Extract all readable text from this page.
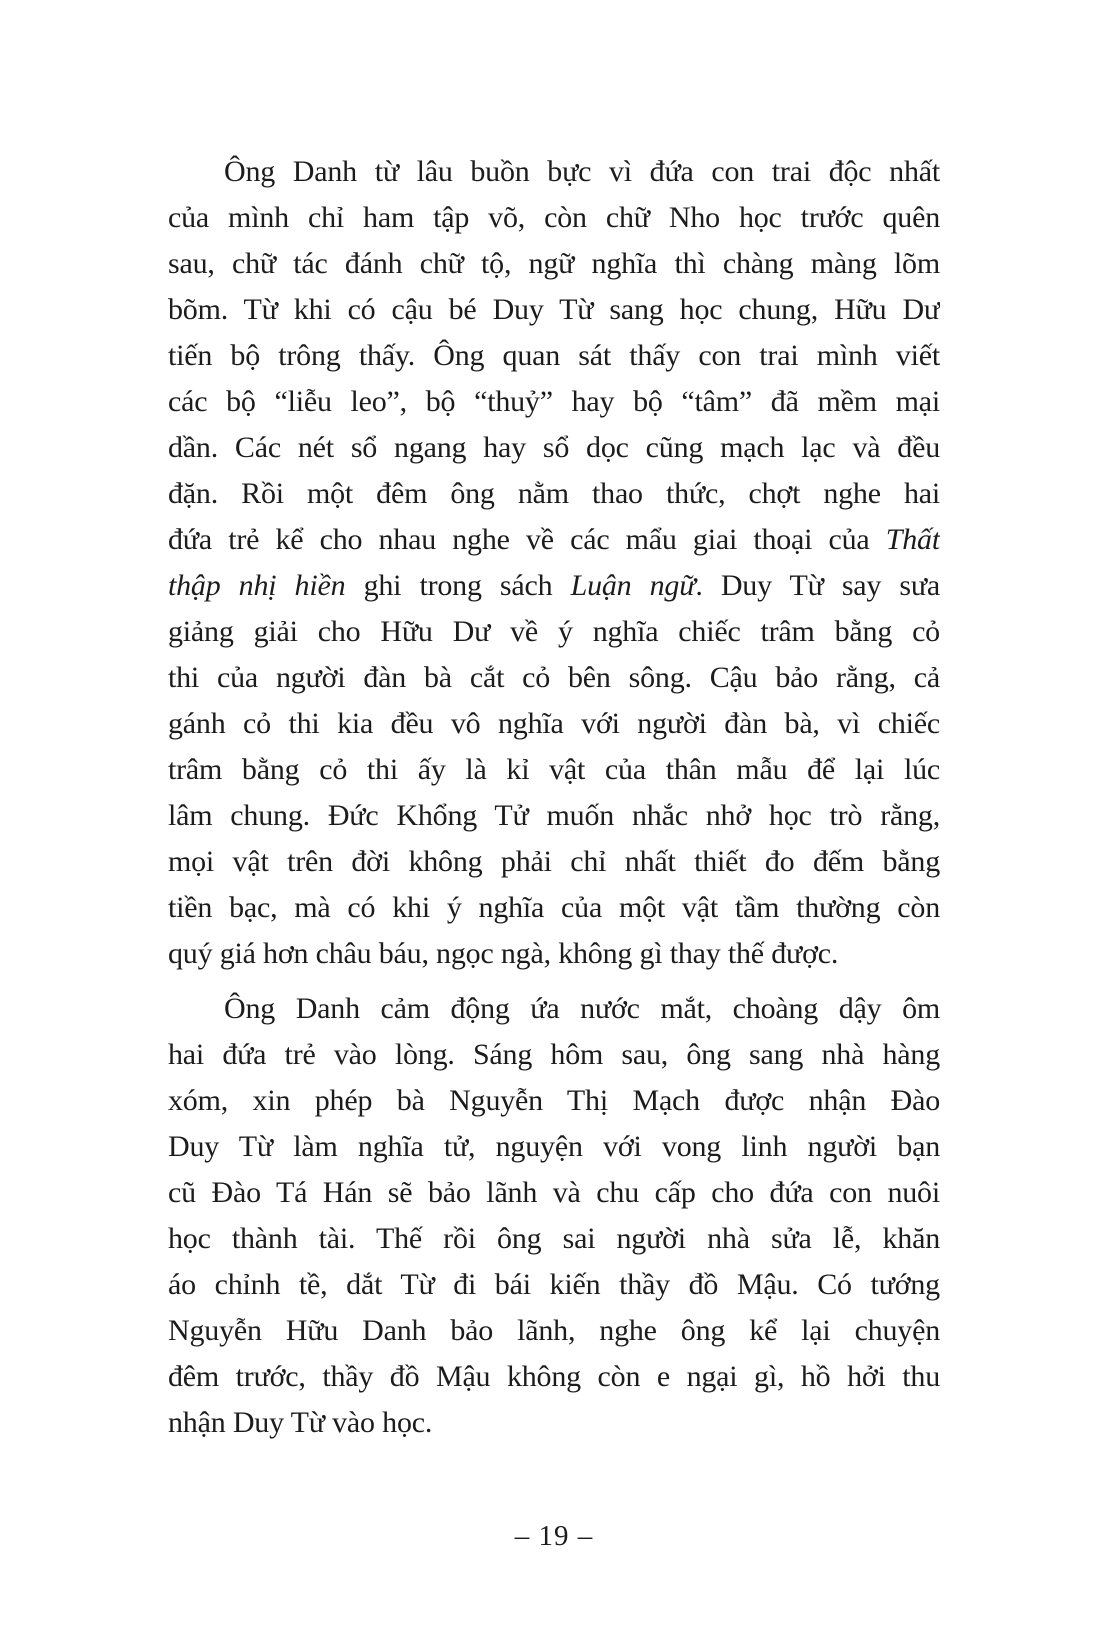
Ông Danh từ lâu buồn bực vì đứa con trai độc nhất
của mình chỉ ham tập võ, còn chữ Nho học trước quên
sau, chữ tác đánh chữ tộ, ngữ nghĩa thì chàng màng lõm
bõm. Từ khi có cậu bé Duy Từ sang học chung, Hữu Dư
tiến bộ trông thấy. Ông quan sát thấy con trai mình viết
các bộ “liễu leo”, bộ “thuỷ” hay bộ “tâm” đã mềm mại
dần. Các nét sổ ngang hay sổ dọc cũng mạch lạc và đều
đặn. Rồi một đêm ông nằm thao thức, chợt nghe hai
đứa trẻ kể cho nhau nghe về các mẩu giai thoại của Thất
thập nhị hiền ghi trong sách Luận ngữ. Duy Từ say sưa
giảng giải cho Hữu Dư về ý nghĩa chiếc trâm bằng cỏ
thi của người đàn bà cắt cỏ bên sông. Cậu bảo rằng, cả
gánh cỏ thi kia đều vô nghĩa với người đàn bà, vì chiếc
trâm bằng cỏ thi ấy là kỉ vật của thân mẫu để lại lúc
lâm chung. Đức Khổng Tử muốn nhắc nhở học trò rằng,
mọi vật trên đời không phải chỉ nhất thiết đo đếm bằng
tiền bạc, mà có khi ý nghĩa của một vật tầm thường còn
quý giá hơn châu báu, ngọc ngà, không gì thay thế được.
Ông Danh cảm động ứa nước mắt, choàng dậy ôm
hai đứa trẻ vào lòng. Sáng hôm sau, ông sang nhà hàng
xóm, xin phép bà Nguyễn Thị Mạch được nhận Đào
Duy Từ làm nghĩa tử, nguyện với vong linh người bạn
cũ Đào Tá Hán sẽ bảo lãnh và chu cấp cho đứa con nuôi
học thành tài. Thế rồi ông sai người nhà sửa lễ, khăn
áo chỉnh tề, dắt Từ đi bái kiến thầy đồ Mậu. Có tướng
Nguyễn Hữu Danh bảo lãnh, nghe ông kể lại chuyện
đêm trước, thầy đồ Mậu không còn e ngại gì, hồ hởi thu
nhận Duy Từ vào học.
– 19 –
